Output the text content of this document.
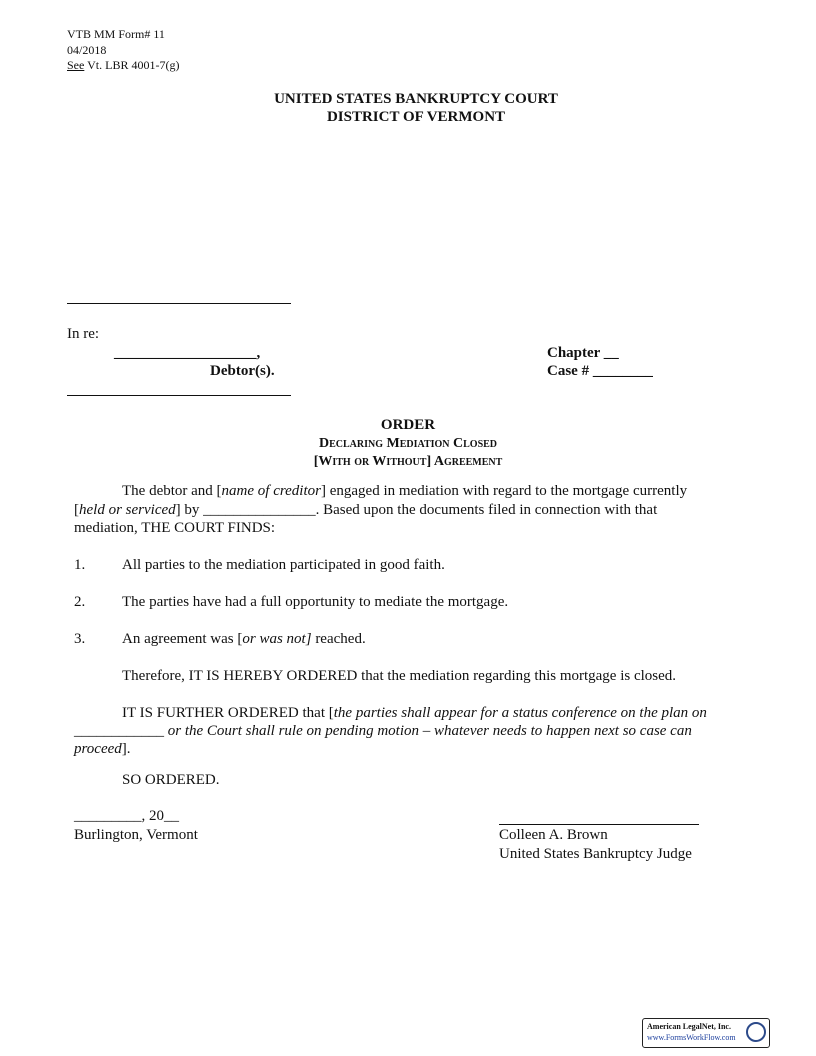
VTB MM Form# 11
04/2018
See Vt. LBR 4001-7(g)
UNITED STATES BANKRUPTCY COURT
DISTRICT OF VERMONT
In re:
___________________,
Debtor(s).
Chapter __
Case # ________
ORDER
Declaring Mediation Closed
[With or Without] Agreement
The debtor and [name of creditor] engaged in mediation with regard to the mortgage currently
[held or serviced] by _______________. Based upon the documents filed in connection with that
mediation, THE COURT FINDS:
1. All parties to the mediation participated in good faith.
2. The parties have had a full opportunity to mediate the mortgage.
3. An agreement was [or was not] reached.
Therefore, IT IS HEREBY ORDERED that the mediation regarding this mortgage is closed.
IT IS FURTHER ORDERED that [the parties shall appear for a status conference on the plan on
____________ or the Court shall rule on pending motion – whatever needs to happen next so case can
proceed].
SO ORDERED.
_________, 20__
Burlington, Vermont	Colleen A. Brown
United States Bankruptcy Judge
American LegalNet, Inc.
www.FormsWorkFlow.com
